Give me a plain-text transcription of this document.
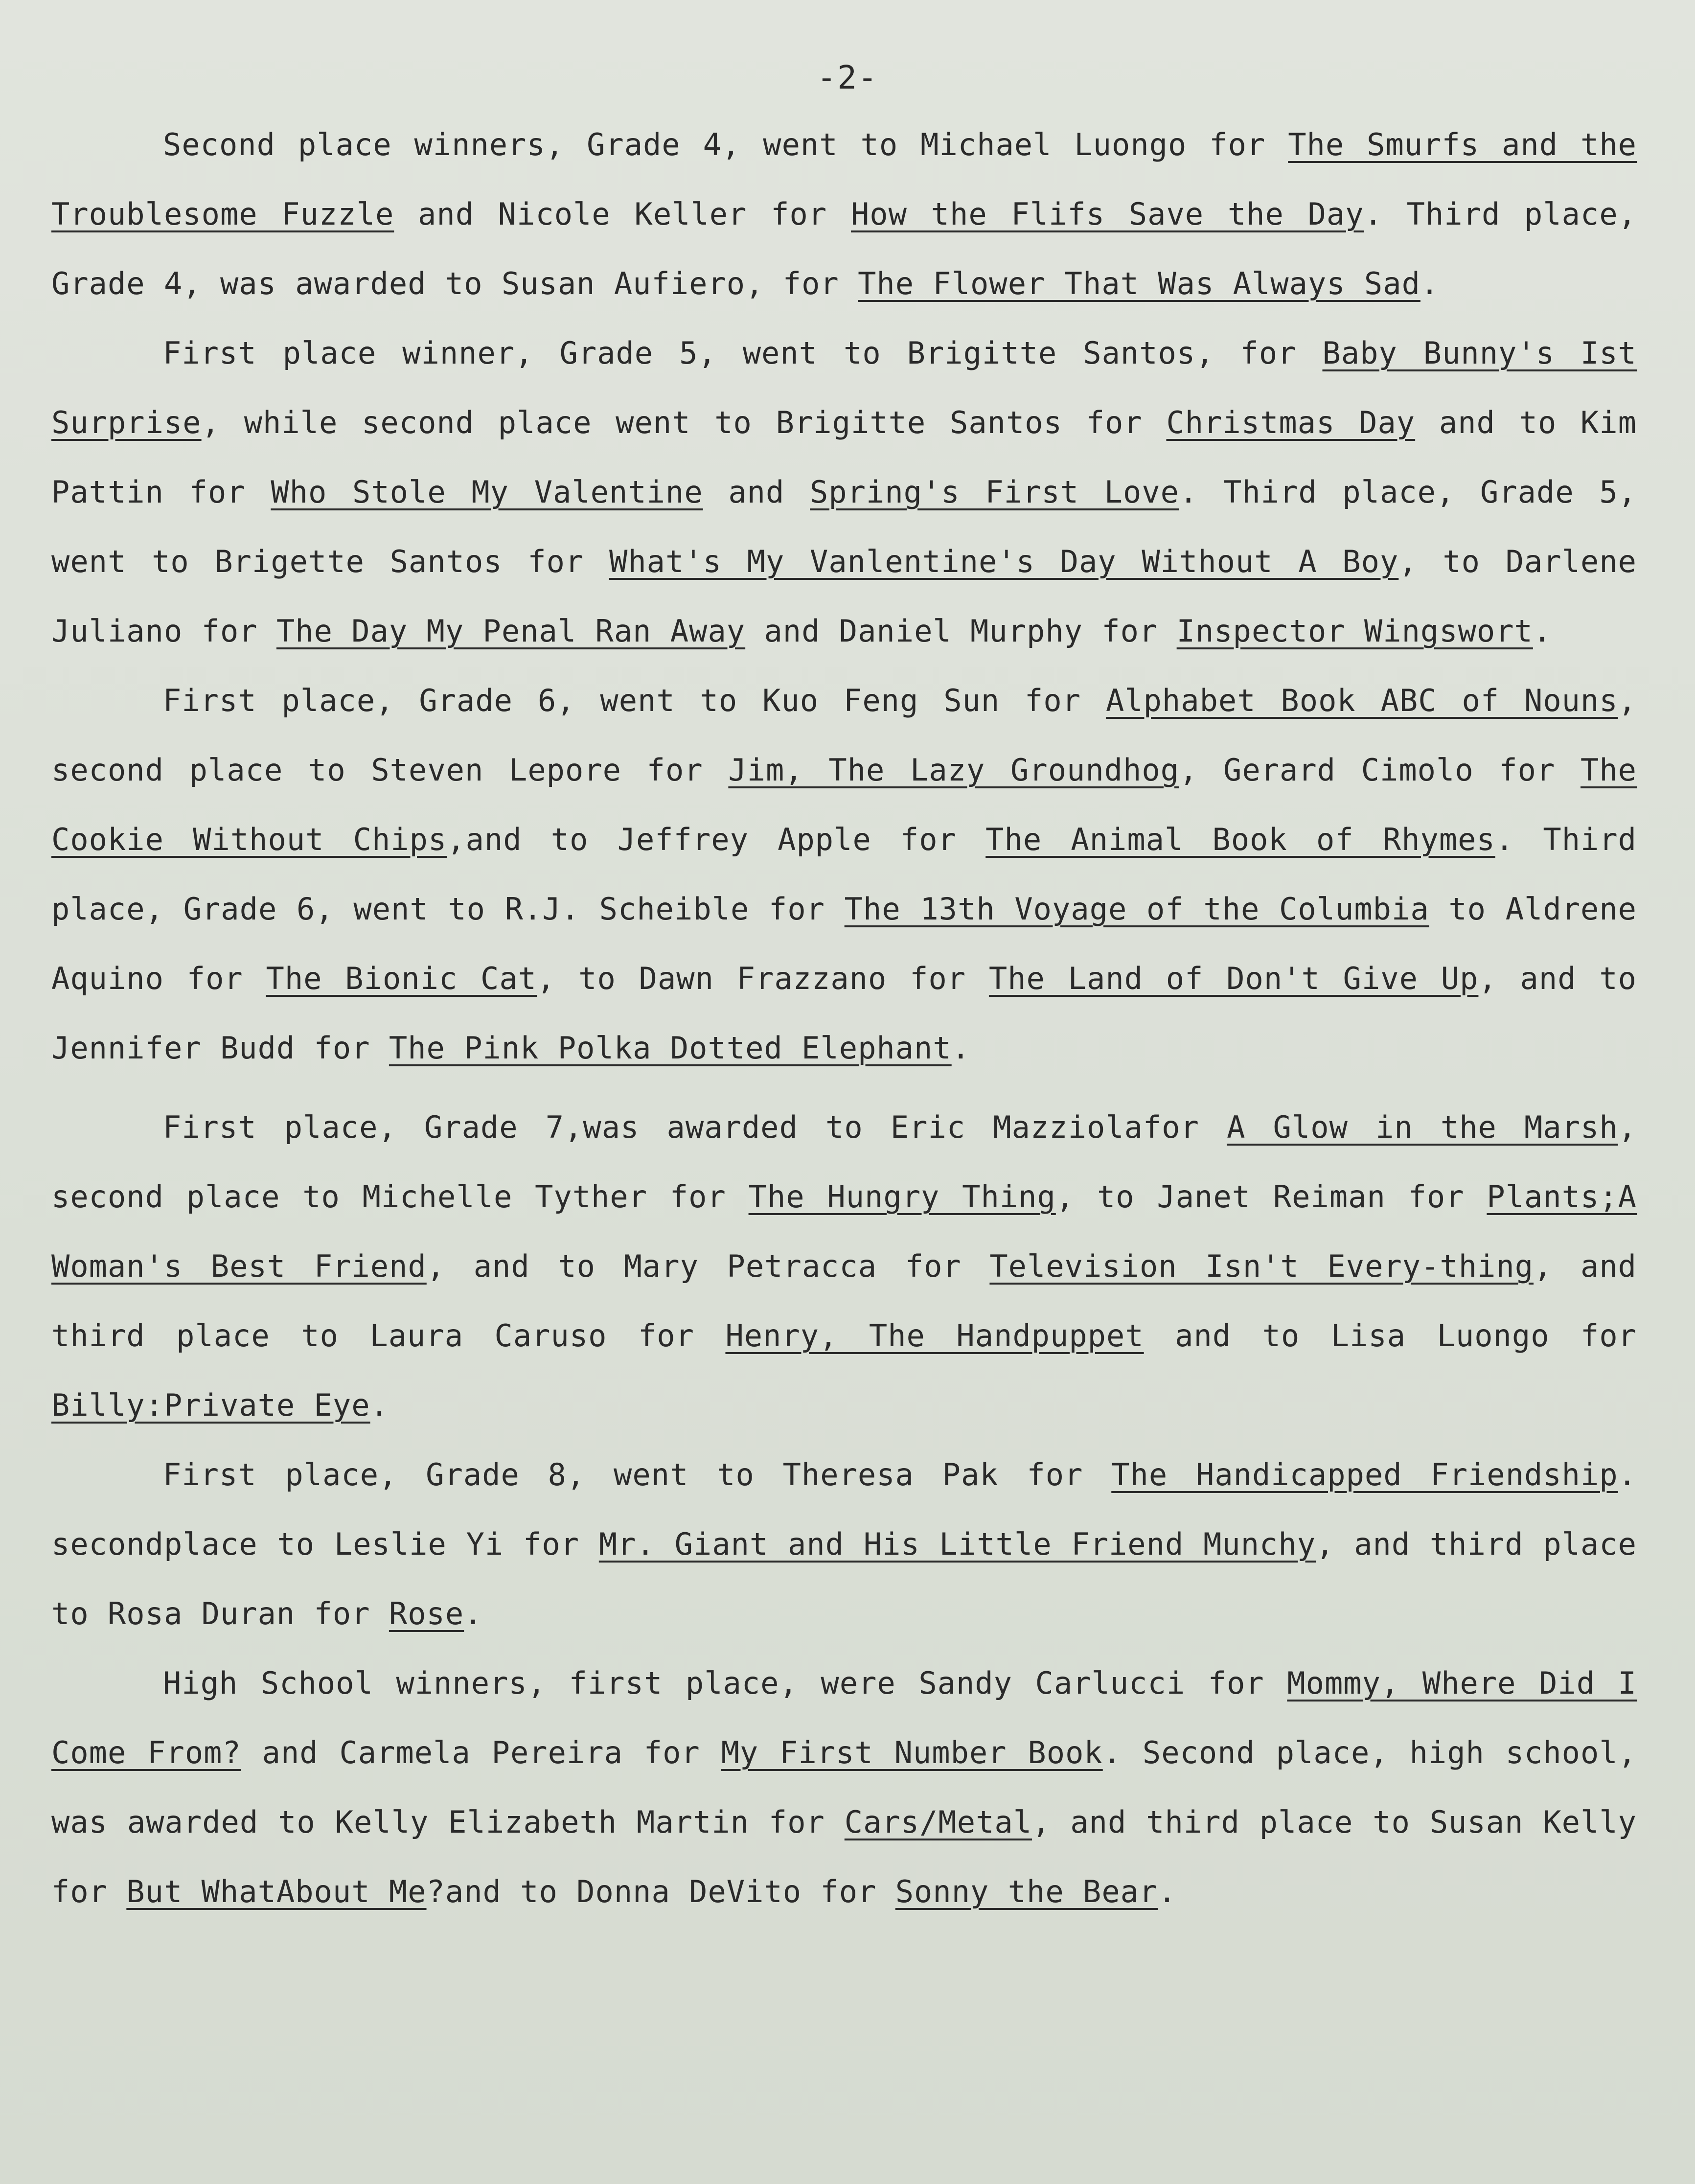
-2-

Second place winners, Grade 4, went to Michael Luongo for The Smurfs and the Troublesome Fuzzle and Nicole Keller for How the Flifs Save the Day. Third place, Grade 4, was awarded to Susan Aufiero, for The Flower That Was Always Sad.

First place winner, Grade 5, went to Brigitte Santos, for Baby Bunny's Ist Surprise, while second place went to Brigitte Santos for Christmas Day and to Kim Pattin for Who Stole My Valentine and Spring's First Love. Third place, Grade 5, went to Brigette Santos for What's My Vanlentine's Day Without A Boy, to Darlene Juliano for The Day My Penal Ran Away and Daniel Murphy for Inspector Wingswort.

First place, Grade 6, went to Kuo Feng Sun for Alphabet Book ABC of Nouns, second place to Steven Lepore for Jim, The Lazy Groundhog, Gerard Cimolo for The Cookie Without Chips,and to Jeffrey Apple for The Animal Book of Rhymes. Third place, Grade 6, went to R.J. Scheible for The 13th Voyage of the Columbia to Aldrene Aquino for The Bionic Cat, to Dawn Frazzano for The Land of Don't Give Up, and to Jennifer Budd for The Pink Polka Dotted Elephant.

First place, Grade 7,was awarded to Eric Mazziolafor A Glow in the Marsh, second place to Michelle Tyther for The Hungry Thing, to Janet Reiman for Plants;A Woman's Best Friend, and to Mary Petracca for Television Isn't Every-thing, and third place to Laura Caruso for Henry, The Handpuppet and to Lisa Luongo for Billy:Private Eye.

First place, Grade 8, went to Theresa Pak for The Handicapped Friendship. secondplace to Leslie Yi for Mr. Giant and His Little Friend Munchy, and third place to Rosa Duran for Rose.

High School winners, first place, were Sandy Carlucci for Mommy, Where Did I Come From? and Carmela Pereira for My First Number Book. Second place, high school, was awarded to Kelly Elizabeth Martin for Cars/Metal, and third place to Susan Kelly for But WhatAbout Me?and to Donna DeVito for Sonny the Bear.
